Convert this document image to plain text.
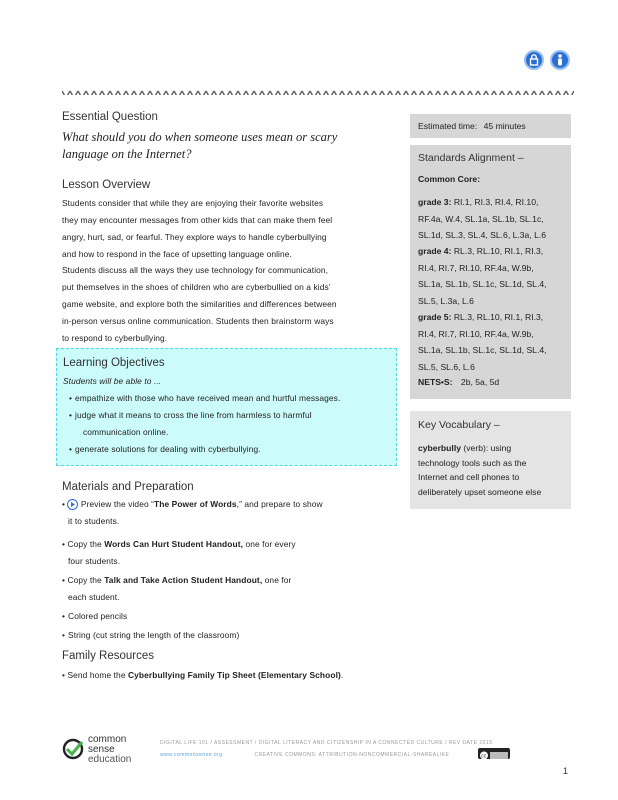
Essential Question
What should you do when someone uses mean or scary
language on the Internet?
Lesson Overview
Students consider that while they are enjoying their favorite websites
they may encounter messages from other kids that can make them feel
angry, hurt, sad, or fearful. They explore ways to handle cyberbullying
and how to respond in the face of upsetting language online.
Students discuss all the ways they use technology for communication,
put themselves in the shoes of children who are cyberbullied on a kids’
game website, and explore both the similarities and differences between
in-person versus online communication. Students then brainstorm ways
to respond to cyberbullying.
Learning Objectives
Students will be able to ...
• empathize with those who have received mean and hurtful messages.
• judge what it means to cross the line from harmless to harmful
communication online.
• generate solutions for dealing with cyberbullying.
Materials and Preparation
•
Preview the video “The Power of Words,” and prepare to show
it to students.
• Copy the Words Can Hurt Student Handout, one for every
four students.
• Copy the Talk and Take Action Student Handout, one for
each student.
• Colored pencils
• String (cut string the length of the classroom)
Family Resources
• Send home the Cyberbullying Family Tip Sheet (Elementary School).
Estimated time: 45 minutes
Standards Alignment –
Common Core:
grade 3: RI.1, RI.3, RI.4, RI.10,
RF.4a, W.4, SL.1a, SL.1b, SL.1c,
SL.1d, SL.3, SL.4, SL.6, L.3a, L.6
grade 4: RL.3, RL.10, RI.1, RI.3,
RI.4, RI.7, RI.10, RF.4a, W.9b,
SL.1a, SL.1b, SL.1c, SL.1d, SL.4,
SL.5, L.3a, L.6
grade 5: RL.3, RL.10, RI.1, RI.3,
RI.4, RI.7, RI.10, RF.4a, W.9b,
SL.1a, SL.1b, SL.1c, SL.1d, SL.4,
SL.5, SL.6, L.6
NETS•S: 2b, 5a, 5d
Key Vocabulary –
cyberbully (verb): using
technology tools such as the
Internet and cell phones to
deliberately upset someone else
common
sense
education
DIGITAL LIFE 101 / ASSESSMENT / DIGITAL LITERACY AND CITIZENSHIP IN A CONNECTED CULTURE / REV DATE 2015
www.commonsense.org	CREATIVE COMMONS: ATTRIBUTION-NONCOMMERCIAL-SHAREALIKE	cc
1
